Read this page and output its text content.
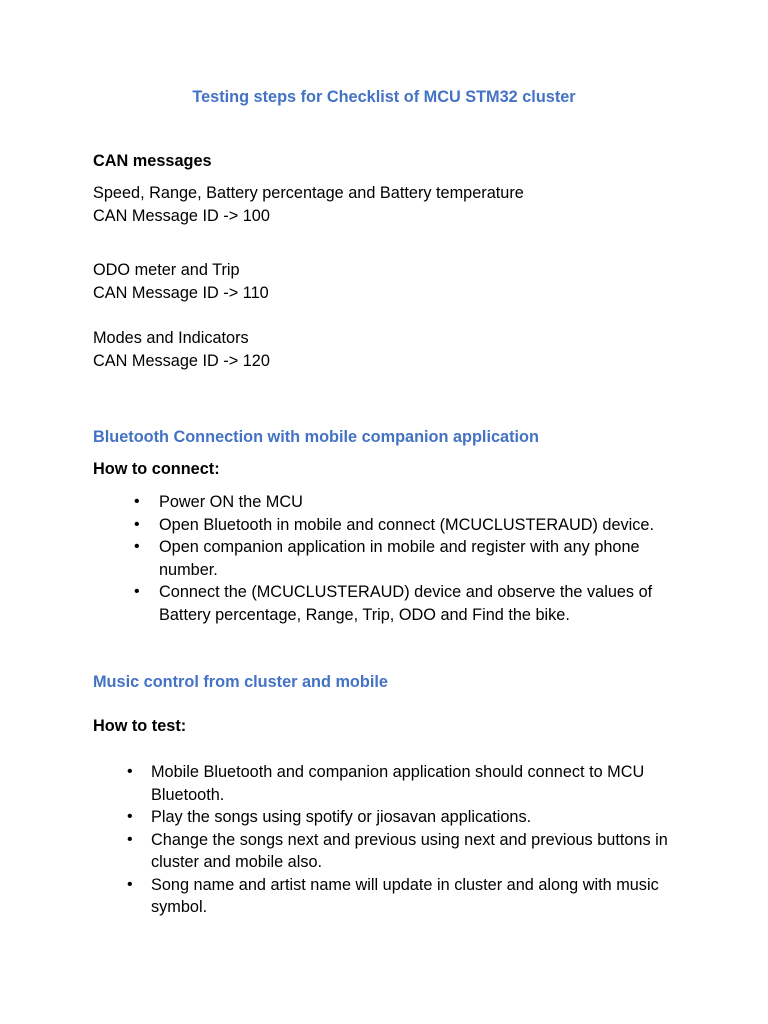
Testing steps for Checklist of MCU STM32 cluster
CAN messages
Speed, Range, Battery percentage and Battery temperature
CAN Message ID -> 100
ODO meter and Trip
CAN Message ID -> 110
Modes and Indicators
CAN Message ID -> 120
Bluetooth Connection with mobile companion application
How to connect:
• Power ON the MCU
• Open Bluetooth in mobile and connect (MCUCLUSTERAUD) device.
• Open companion application in mobile and register with any phone number.
• Connect the (MCUCLUSTERAUD) device and observe the values of Battery percentage, Range, Trip, ODO and Find the bike.
Music control from cluster and mobile
How to test:
• Mobile Bluetooth and companion application should connect to MCU Bluetooth.
• Play the songs using spotify or jiosavan applications.
• Change the songs next and previous using next and previous buttons in cluster and mobile also.
• Song name and artist name will update in cluster and along with music symbol.
